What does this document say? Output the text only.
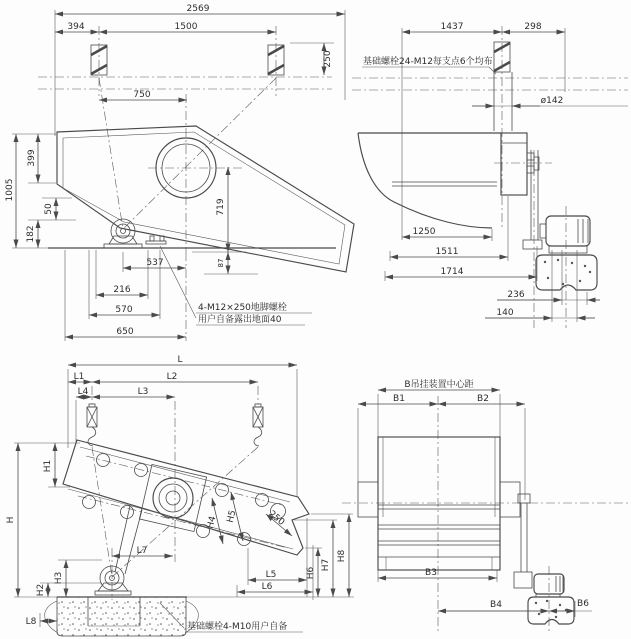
2569
394	1500
250
750
399
1005
50
182
719
87
537
216
570
650
4-M12×250地脚螺栓
用户自备露出地面40
1437	298
基础螺栓24-M12每支点6个均布
ø142
1250
1511
1714
236
140
L
L1	L2
L4	L3
H
H1
H3
H2
L8
L7
H4 H5	250
L5
L6
H6
H7
H8
基础螺栓4-M10用户自备
B吊挂装置中心距
B1	B2
B3
B4	B6
